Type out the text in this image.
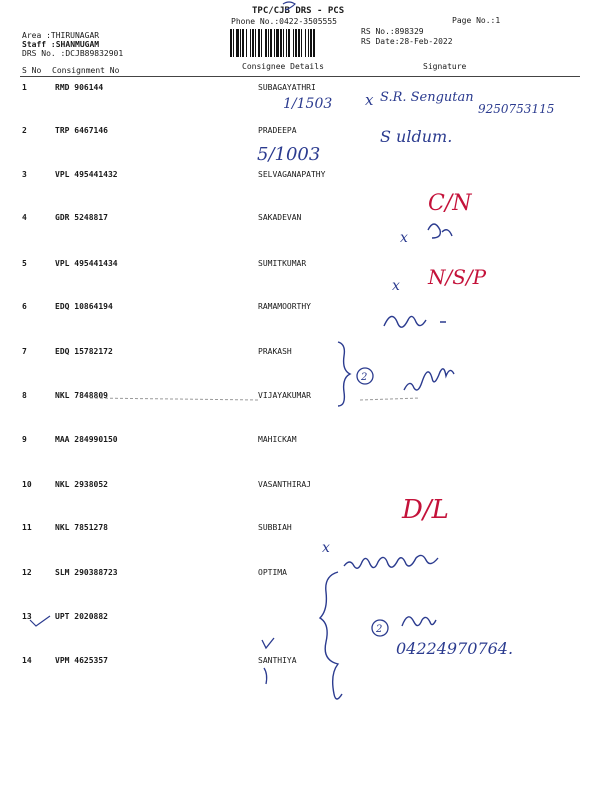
TPC/CJB DRS - PCS
Phone No.:0422-3505555	Page No.:1
Area :THIRUNAGAR
Staff :SHANMUGAM
DRS No. :DCJB89832901
RS No.:898329
RS Date:28-Feb-2022
S No Consignment No	Consignee Details	Signature
1	RMD 906144	SUBAGAYATHRI
2	TRP 6467146	PRADEEPA
3	VPL 495441432	SELVAGANAPATHY
4	GDR 5248817	SAKADEVAN
5	VPL 495441434	SUMITKUMAR
6	EDQ 10864194	RAMAMOORTHY
7	EDQ 15782172	PRAKASH
8	NKL 7848809	VIJAYAKUMAR
9	MAA 284990150	MAHICKAM
10	NKL 2938052	VASANTHIRAJ
11	NKL 7851278	SUBBIAH
12	SLM 290388723	OPTIMA
13	UPT 2020882
14	VPM 4625357	SANTHIYA
1/1503 x S.R. Sengutan
9250753115
5/1003
S uldum.
C/N
x
N/S/P
x
2
D/L
x
2
04224970764.
